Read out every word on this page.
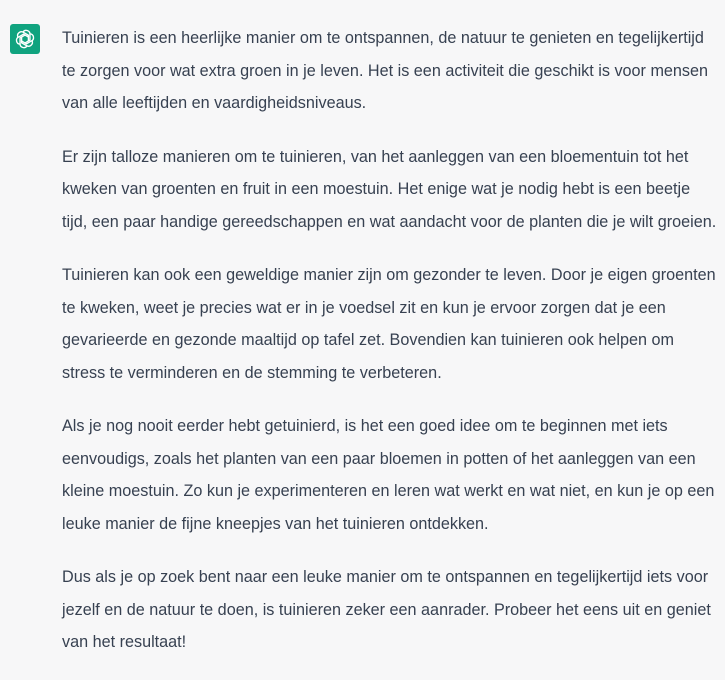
Tuinieren is een heerlijke manier om te ontspannen, de natuur te genieten en tegelijkertijd te zorgen voor wat extra groen in je leven. Het is een activiteit die geschikt is voor mensen van alle leeftijden en vaardigheidsniveaus.

Er zijn talloze manieren om te tuinieren, van het aanleggen van een bloementuin tot het kweken van groenten en fruit in een moestuin. Het enige wat je nodig hebt is een beetje tijd, een paar handige gereedschappen en wat aandacht voor de planten die je wilt groeien.

Tuinieren kan ook een geweldige manier zijn om gezonder te leven. Door je eigen groenten te kweken, weet je precies wat er in je voedsel zit en kun je ervoor zorgen dat je een gevarieerde en gezonde maaltijd op tafel zet. Bovendien kan tuinieren ook helpen om stress te verminderen en de stemming te verbeteren.

Als je nog nooit eerder hebt getuinierd, is het een goed idee om te beginnen met iets eenvoudigs, zoals het planten van een paar bloemen in potten of het aanleggen van een kleine moestuin. Zo kun je experimenteren en leren wat werkt en wat niet, en kun je op een leuke manier de fijne kneepjes van het tuinieren ontdekken.

Dus als je op zoek bent naar een leuke manier om te ontspannen en tegelijkertijd iets voor jezelf en de natuur te doen, is tuinieren zeker een aanrader. Probeer het eens uit en geniet van het resultaat!
